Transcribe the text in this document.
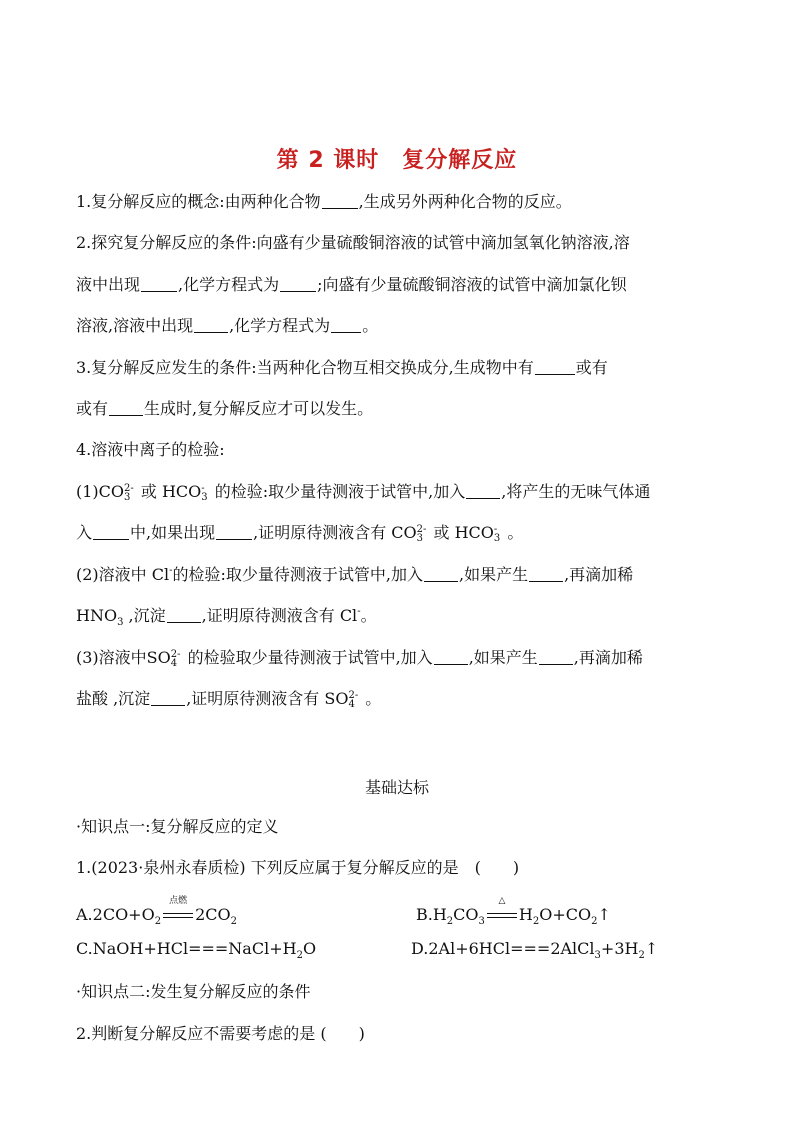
第 2 课时　复分解反应
1.复分解反应的概念:由两种化合物 ,生成另外两种化合物的反应。
2.探究复分解反应的条件:向盛有少量硫酸铜溶液的试管中滴加氢氧化钠溶液,溶
液中出现 ,化学方程式为 ;向盛有少量硫酸铜溶液的试管中滴加氯化钡
溶液,溶液中出现 ,化学方程式为 。
3.复分解反应发生的条件:当两种化合物互相交换成分,生成物中有	或有
或有 生成时,复分解反应才可以发生。
4.溶液中离子的检验:
(1)CO 2-
3 或 HCO -
3 的检验:取少量待测液于试管中,加入 ,将产生的无味气体通
入 中,如果出现 ,证明原待测液含有 CO 2-
3 或 HCO -
3 。
(2)溶液中 Cl-的检验:取少量待测液于试管中,加入 ,如果产生 ,再滴加稀
$HNO_3$ ,沉淀 ,证明原待测液含有 Cl-。
(3)溶液中SO 2-
4 的检验取少量待测液于试管中,加入 ,如果产生 ,再滴加稀
盐酸 ,沉淀 ,证明原待测液含有 SO 2-
4 。
基础达标
·知识点一:复分解反应的定义
1.(2023·泉州永春质检) 下列反应属于复分解反应的是　(　　)
$A.2CO+O_2$
点燃
$2CO_2$	$B.H_2CO_3$
△
$H_2O+CO_2↑$
$C.NaOH+HCl===NaCl+H_2O$	$D.2Al+6HCl===2AlCl_3+3H_2↑$
·知识点二:发生复分解反应的条件
2.判断复分解反应不需要考虑的是 (　　)
